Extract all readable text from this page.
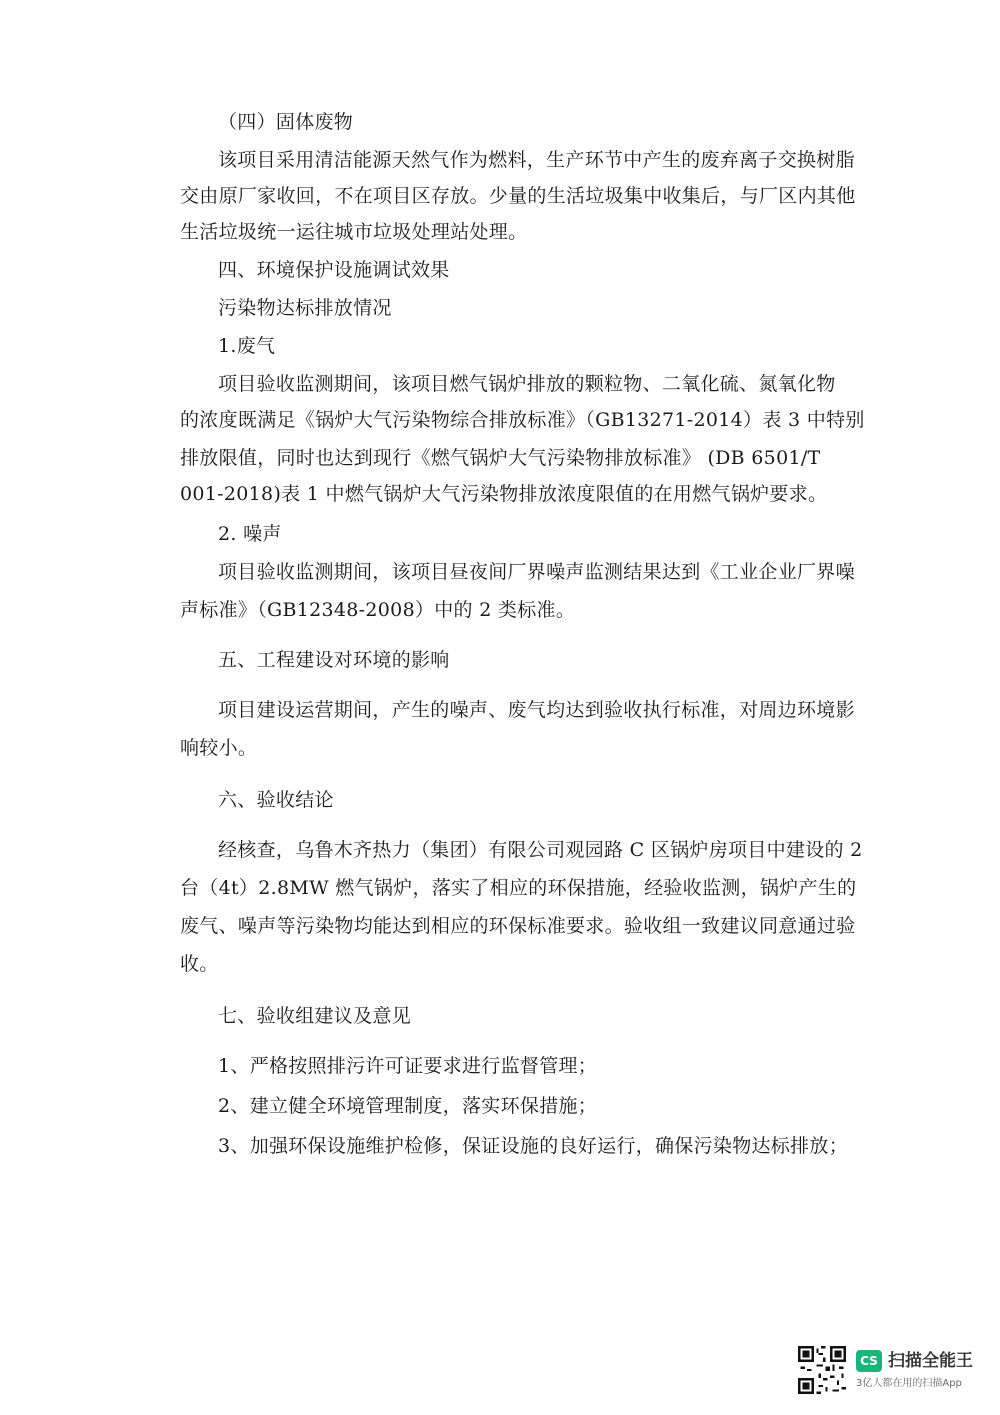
（四）固体废物
该项目采用清洁能源天然气作为燃料，生产环节中产生的废弃离子交换树脂
交由原厂家收回，不在项目区存放。少量的生活垃圾集中收集后，与厂区内其他
生活垃圾统一运往城市垃圾处理站处理。
四、环境保护设施调试效果
污染物达标排放情况
1.废气
项目验收监测期间，该项目燃气锅炉排放的颗粒物、二氧化硫、氮氧化物
的浓度既满足《锅炉大气污染物综合排放标准》（GB13271-2014）表 3 中特别
排放限值，同时也达到现行《燃气锅炉大气污染物排放标准》 (DB 6501/T
001-2018)表 1 中燃气锅炉大气污染物排放浓度限值的在用燃气锅炉要求。
2. 噪声
项目验收监测期间，该项目昼夜间厂界噪声监测结果达到《工业企业厂界噪
声标准》（GB12348-2008）中的 2 类标准。
五、工程建设对环境的影响
项目建设运营期间，产生的噪声、废气均达到验收执行标准，对周边环境影
响较小。
六、验收结论
经核查，乌鲁木齐热力（集团）有限公司观园路 C 区锅炉房项目中建设的 2
台（4t）2.8MW 燃气锅炉，落实了相应的环保措施，经验收监测，锅炉产生的
废气、噪声等污染物均能达到相应的环保标准要求。验收组一致建议同意通过验
收。
七、验收组建议及意见
1、严格按照排污许可证要求进行监督管理；
2、建立健全环境管理制度，落实环保措施；
3、加强环保设施维护检修，保证设施的良好运行，确保污染物达标排放；
CS 扫描全能王
3亿人都在用的扫描App
